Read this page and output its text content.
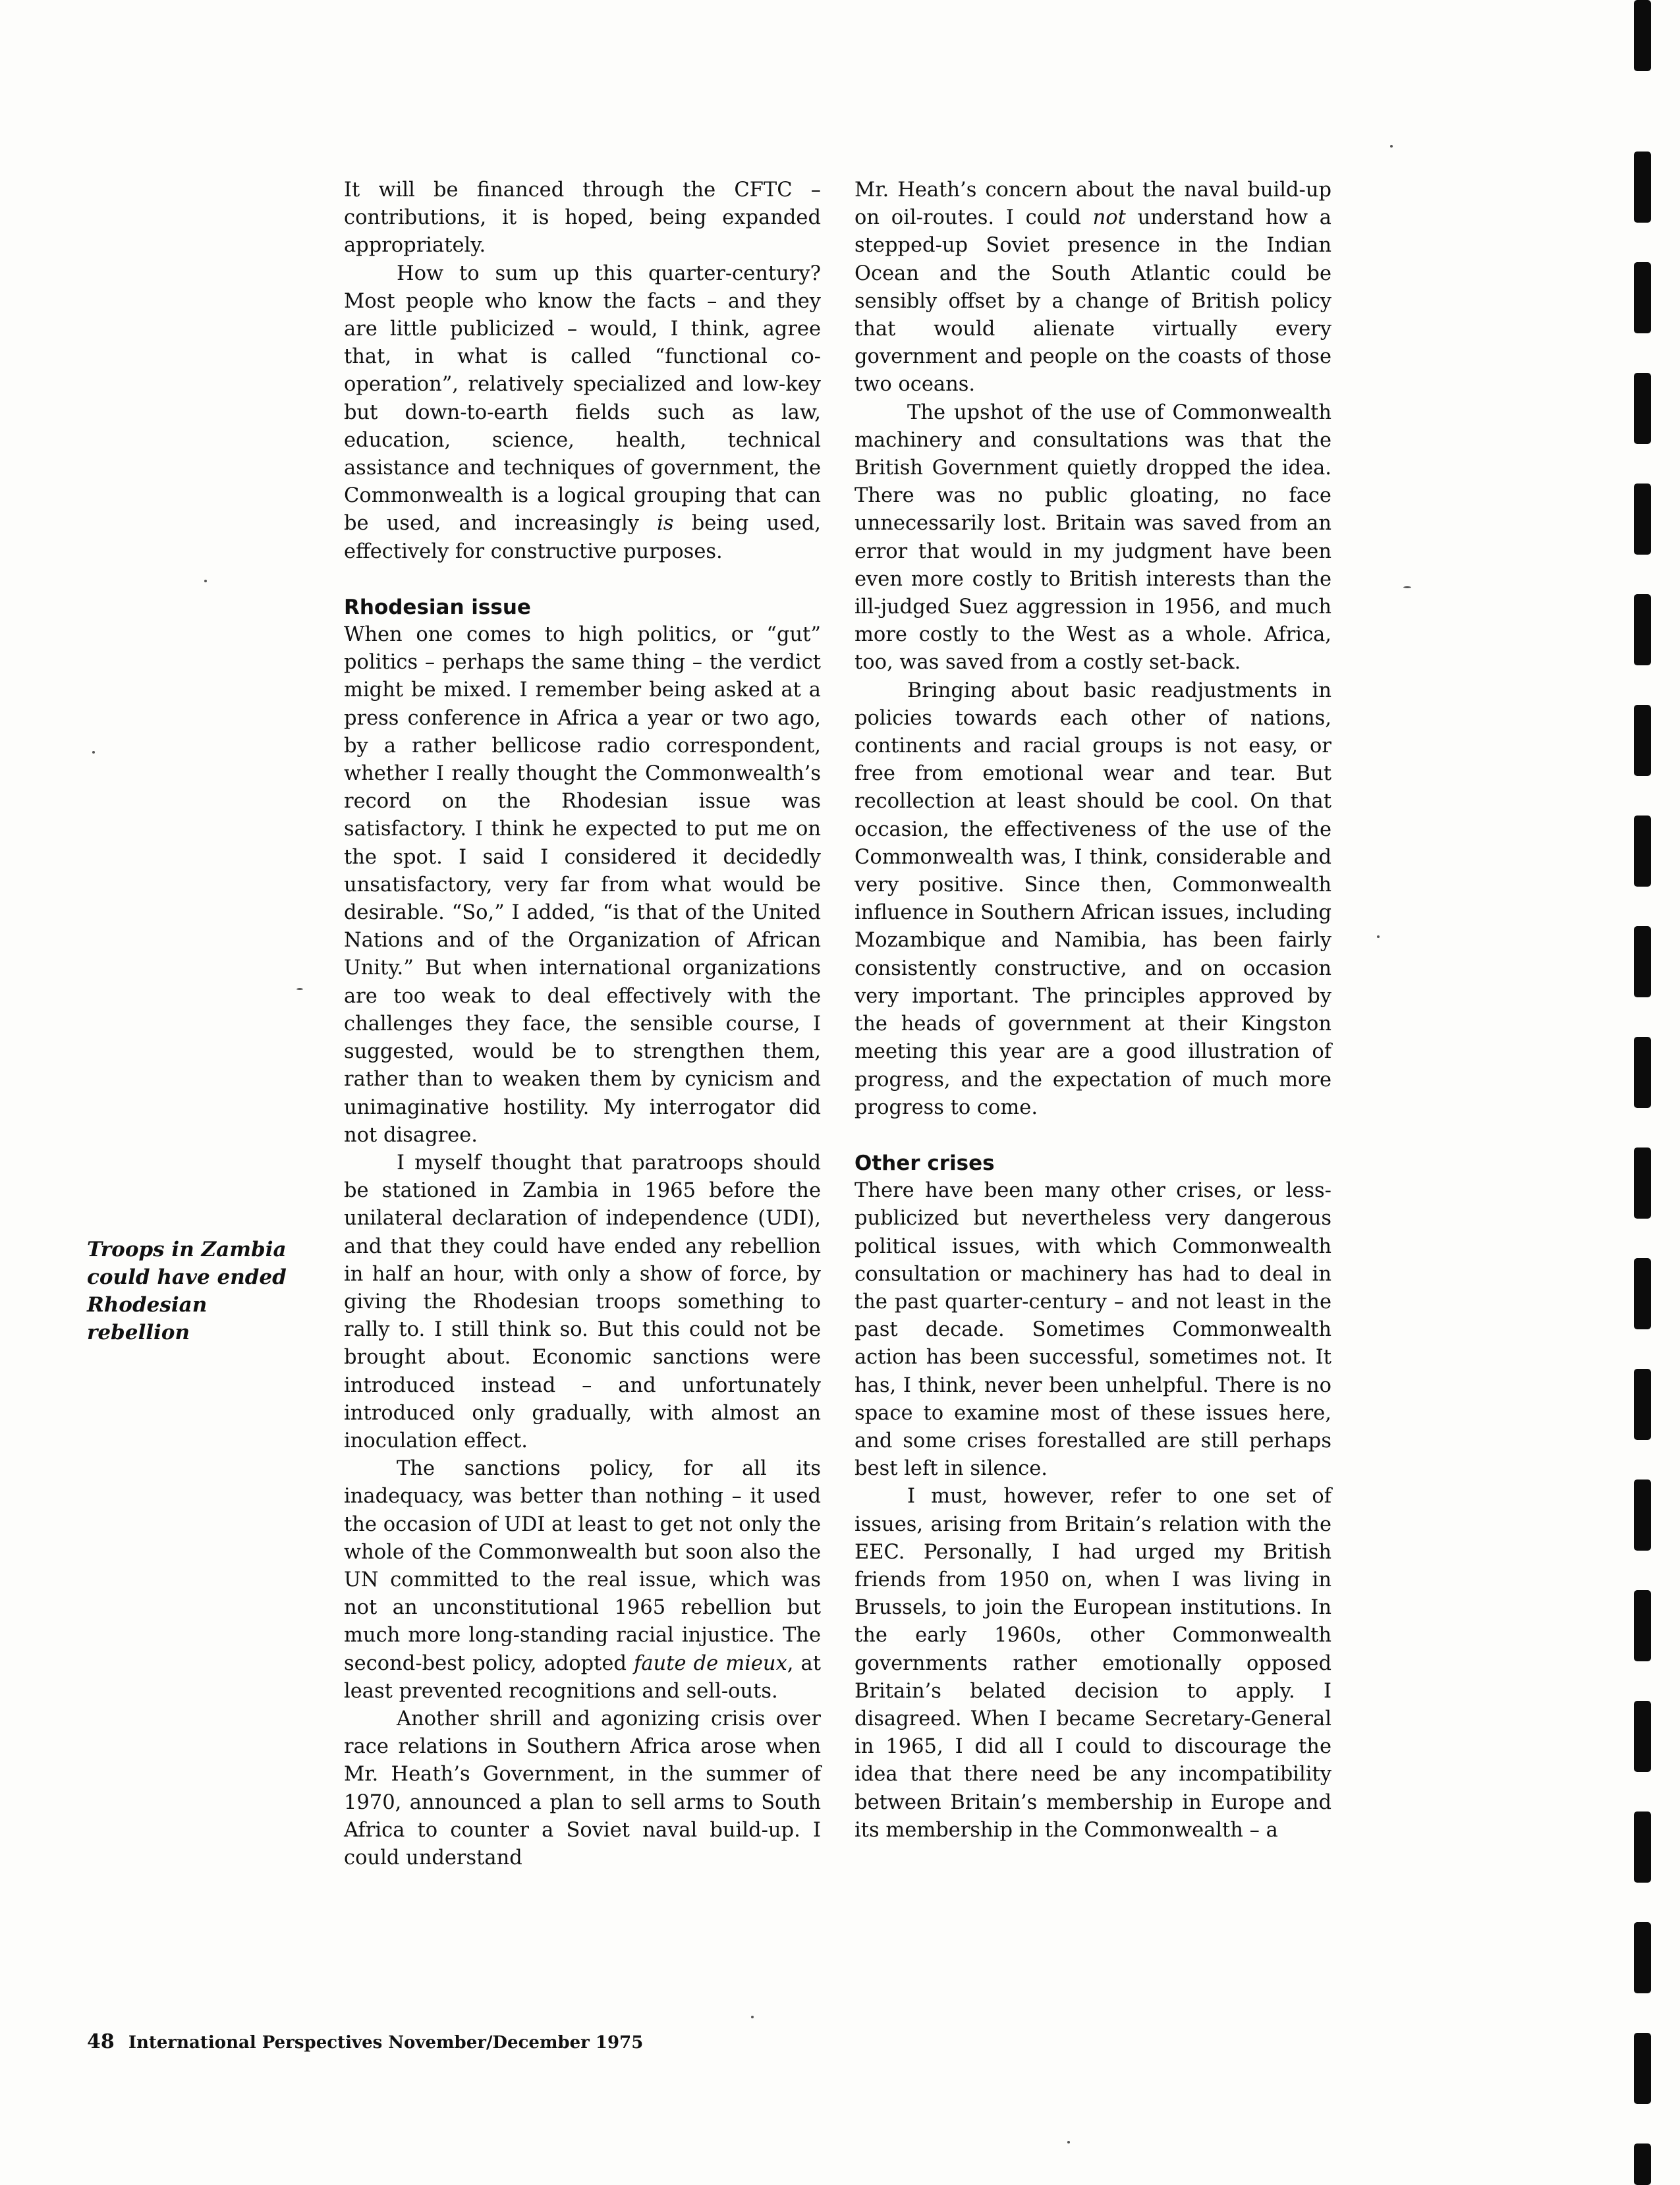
It will be financed through the CFTC – contributions, it is hoped, being expanded appropriately.

How to sum up this quarter-century? Most people who know the facts – and they are little publicized – would, I think, agree that, in what is called “functional co-operation”, relatively specialized and low-key but down-to-earth fields such as law, education, science, health, technical assistance and techniques of government, the Commonwealth is a logical grouping that can be used, and increasingly is being used, effectively for constructive purposes.

Rhodesian issue

When one comes to high politics, or “gut” politics – perhaps the same thing – the verdict might be mixed. I remember being asked at a press conference in Africa a year or two ago, by a rather bellicose radio correspondent, whether I really thought the Commonwealth’s record on the Rhodesian issue was satisfactory. I think he expected to put me on the spot. I said I considered it decidedly unsatisfactory, very far from what would be desirable. “So,” I added, “is that of the United Nations and of the Organization of African Unity.” But when international organizations are too weak to deal effectively with the challenges they face, the sensible course, I suggested, would be to strengthen them, rather than to weaken them by cynicism and unimaginative hostility. My interrogator did not disagree.

I myself thought that paratroops should be stationed in Zambia in 1965 before the unilateral declaration of independence (UDI), and that they could have ended any rebellion in half an hour, with only a show of force, by giving the Rhodesian troops something to rally to. I still think so. But this could not be brought about. Economic sanctions were introduced instead – and unfortunately introduced only gradually, with almost an inoculation effect.

The sanctions policy, for all its inadequacy, was better than nothing – it used the occasion of UDI at least to get not only the whole of the Commonwealth but soon also the UN committed to the real issue, which was not an unconstitutional 1965 rebellion but much more long-standing racial injustice. The second-best policy, adopted faute de mieux, at least prevented recognitions and sell-outs.

Another shrill and agonizing crisis over race relations in Southern Africa arose when Mr. Heath’s Government, in the summer of 1970, announced a plan to sell arms to South Africa to counter a Soviet naval build-up. I could understand

Mr. Heath’s concern about the naval build-up on oil-routes. I could not understand how a stepped-up Soviet presence in the Indian Ocean and the South Atlantic could be sensibly offset by a change of British policy that would alienate virtually every government and people on the coasts of those two oceans.

The upshot of the use of Commonwealth machinery and consultations was that the British Government quietly dropped the idea. There was no public gloating, no face unnecessarily lost. Britain was saved from an error that would in my judgment have been even more costly to British interests than the ill-judged Suez aggression in 1956, and much more costly to the West as a whole. Africa, too, was saved from a costly set-back.

Bringing about basic readjustments in policies towards each other of nations, continents and racial groups is not easy, or free from emotional wear and tear. But recollection at least should be cool. On that occasion, the effectiveness of the use of the Commonwealth was, I think, considerable and very positive. Since then, Commonwealth influence in Southern African issues, including Mozambique and Namibia, has been fairly consistently constructive, and on occasion very important. The principles approved by the heads of government at their Kingston meeting this year are a good illustration of progress, and the expectation of much more progress to come.

Other crises

There have been many other crises, or less-publicized but nevertheless very dangerous political issues, with which Commonwealth consultation or machinery has had to deal in the past quarter-century – and not least in the past decade. Sometimes Commonwealth action has been successful, sometimes not. It has, I think, never been unhelpful. There is no space to examine most of these issues here, and some crises forestalled are still perhaps best left in silence.

I must, however, refer to one set of issues, arising from Britain’s relation with the EEC. Personally, I had urged my British friends from 1950 on, when I was living in Brussels, to join the European institutions. In the early 1960s, other Commonwealth governments rather emotionally opposed Britain’s belated decision to apply. I disagreed. When I became Secretary-General in 1965, I did all I could to discourage the idea that there need be any incompatibility between Britain’s membership in Europe and its membership in the Commonwealth – a

Troops in Zambia could have ended Rhodesian rebellion
48 International Perspectives November/December 1975
